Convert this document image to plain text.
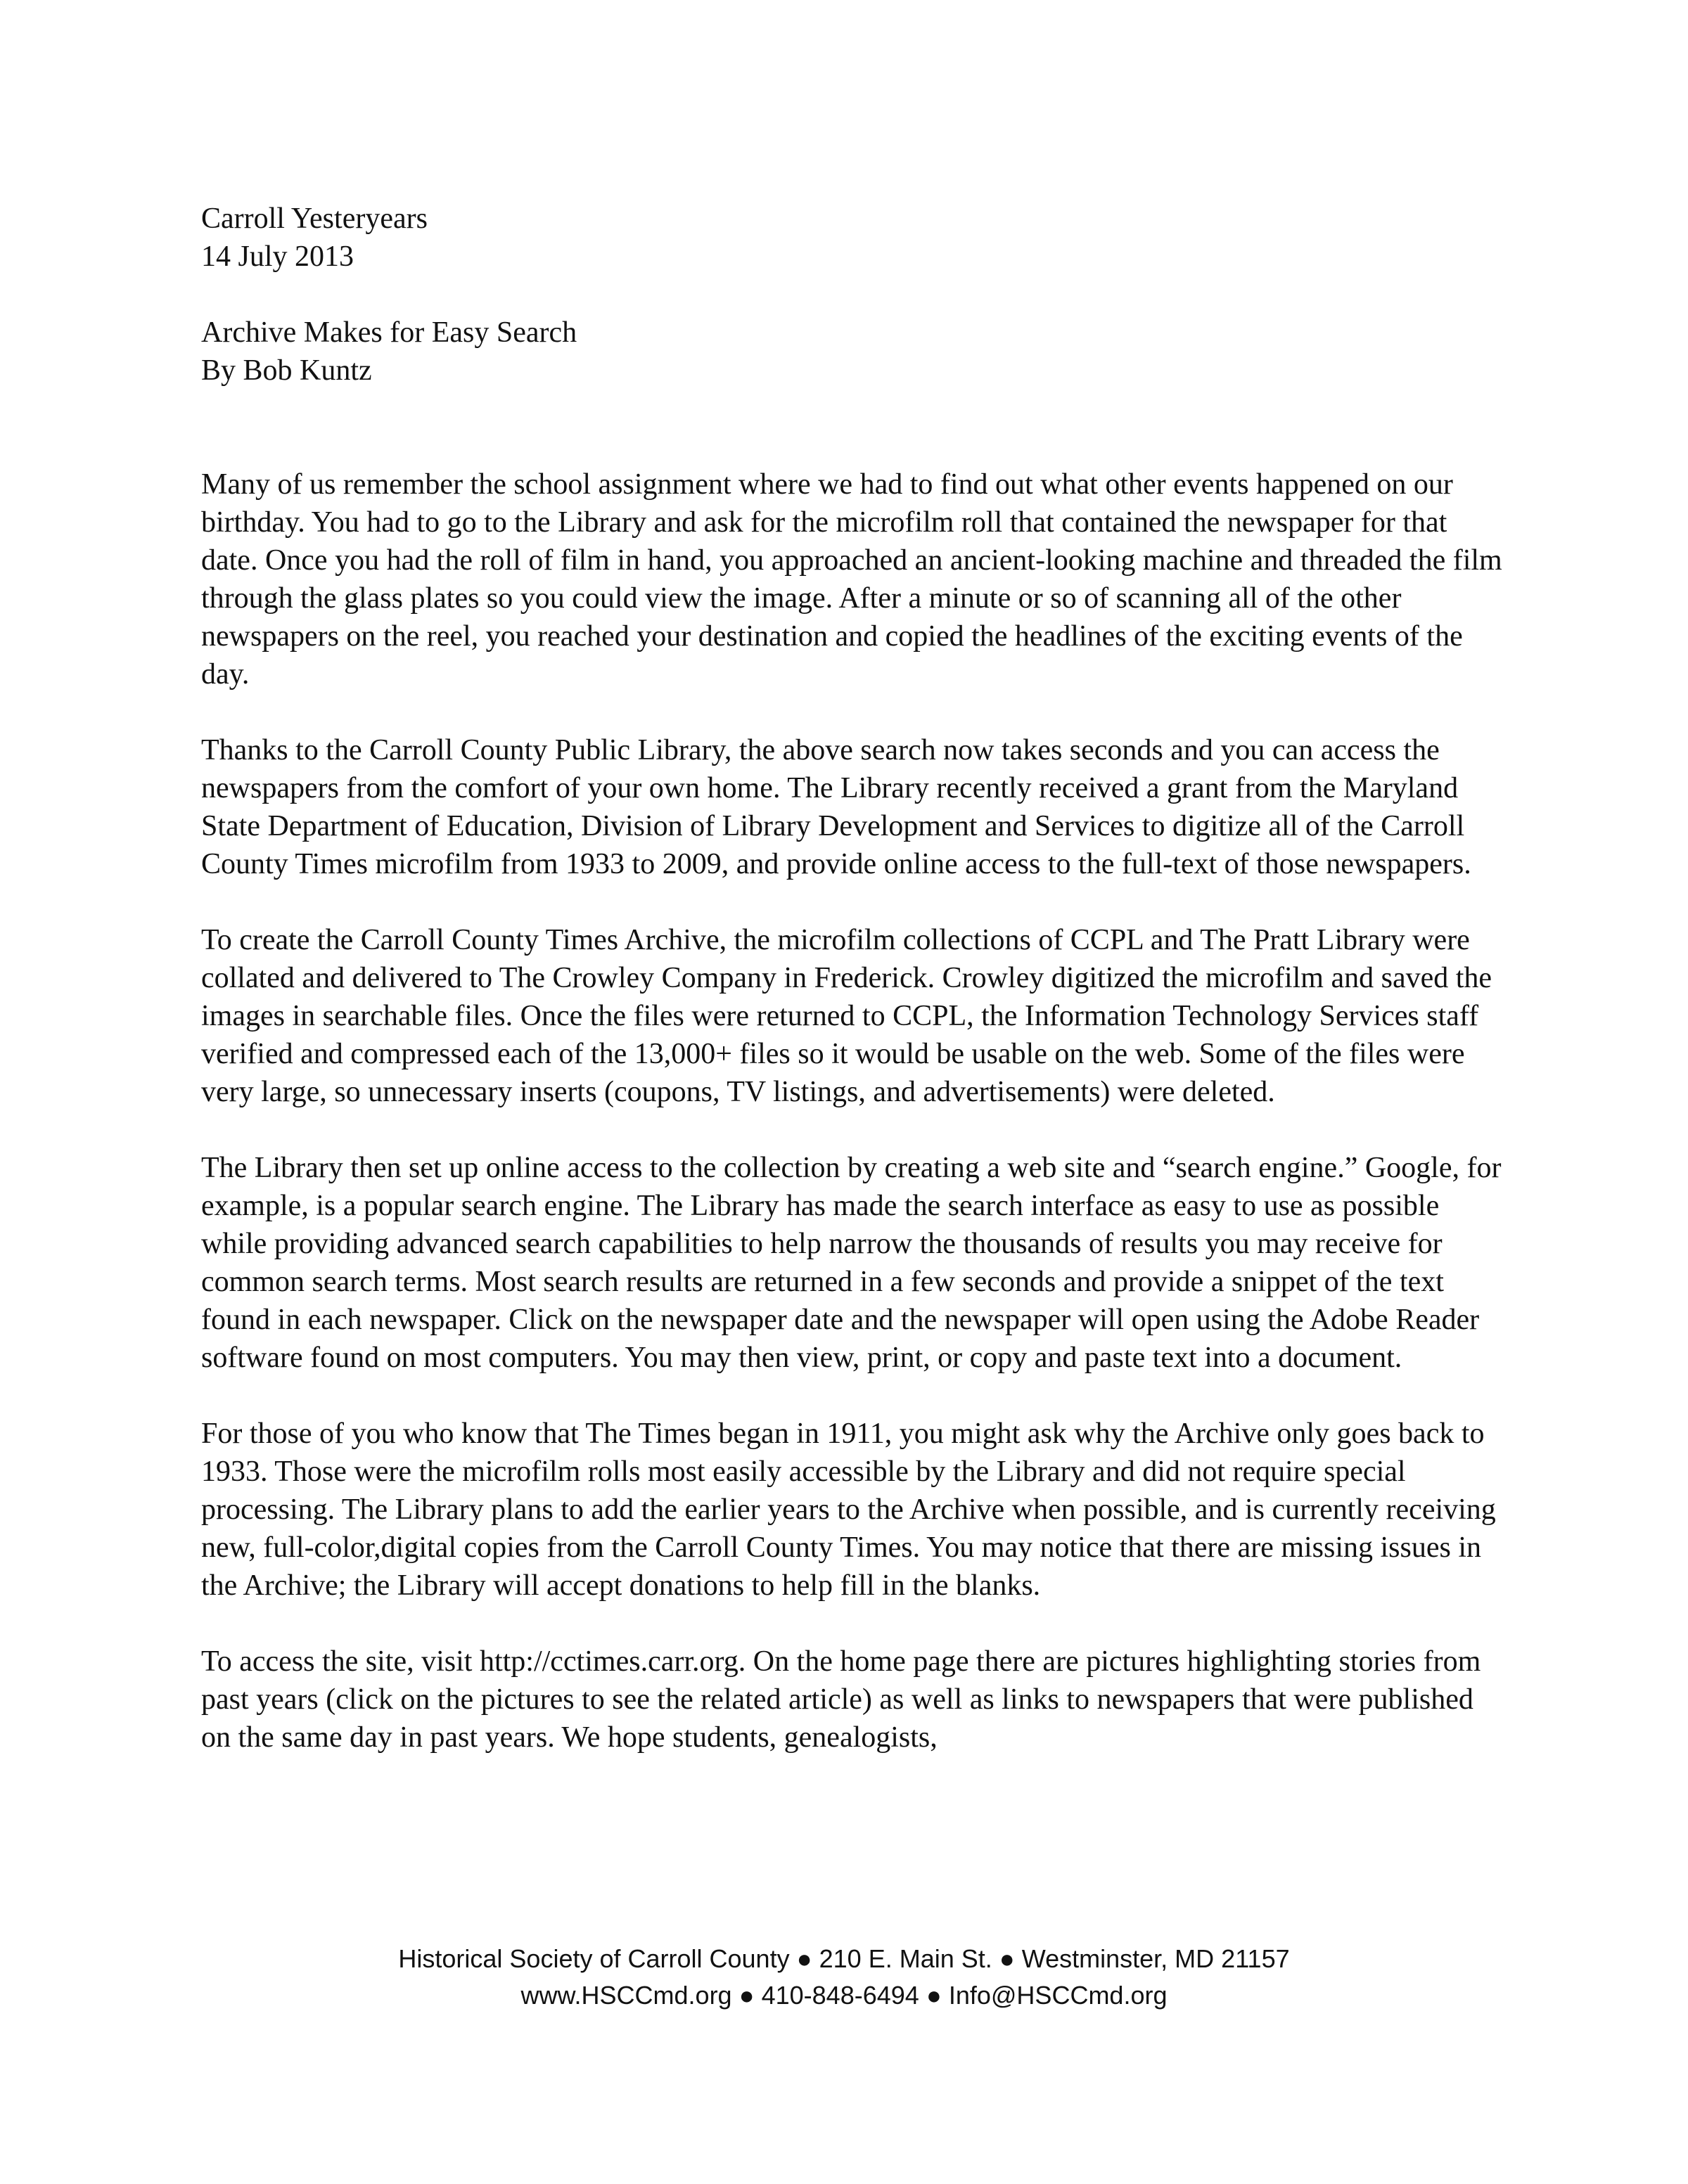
Carroll Yesteryears

14 July 2013

Archive Makes for Easy Search

By Bob Kuntz

Many of us remember the school assignment where we had to find out what other events happened on our birthday. You had to go to the Library and ask for the microfilm roll that contained the newspaper for that date. Once you had the roll of film in hand, you approached an ancient-looking machine and threaded the film through the glass plates so you could view the image. After a minute or so of scanning all of the other newspapers on the reel, you reached your destination and copied the headlines of the exciting events of the day.

Thanks to the Carroll County Public Library, the above search now takes seconds and you can access the newspapers from the comfort of your own home. The Library recently received a grant from the Maryland State Department of Education, Division of Library Development and Services to digitize all of the Carroll County Times microfilm from 1933 to 2009, and provide online access to the full-text of those newspapers.

To create the Carroll County Times Archive, the microfilm collections of CCPL and The Pratt Library were collated and delivered to The Crowley Company in Frederick. Crowley digitized the microfilm and saved the images in searchable files. Once the files were returned to CCPL, the Information Technology Services staff verified and compressed each of the 13,000+ files so it would be usable on the web. Some of the files were very large, so unnecessary inserts (coupons, TV listings, and advertisements) were deleted.

The Library then set up online access to the collection by creating a web site and “search engine.” Google, for example, is a popular search engine. The Library has made the search interface as easy to use as possible while providing advanced search capabilities to help narrow the thousands of results you may receive for common search terms. Most search results are returned in a few seconds and provide a snippet of the text found in each newspaper. Click on the newspaper date and the newspaper will open using the Adobe Reader software found on most computers. You may then view, print, or copy and paste text into a document.

For those of you who know that The Times began in 1911, you might ask why the Archive only goes back to 1933. Those were the microfilm rolls most easily accessible by the Library and did not require special processing. The Library plans to add the earlier years to the Archive when possible, and is currently receiving new, full-color,digital copies from the Carroll County Times. You may notice that there are missing issues in the Archive; the Library will accept donations to help fill in the blanks.

To access the site, visit http://cctimes.carr.org. On the home page there are pictures highlighting stories from past years (click on the pictures to see the related article) as well as links to newspapers that were published on the same day in past years. We hope students, genealogists,

Historical Society of Carroll County ● 210 E. Main St. ● Westminster, MD 21157

www.HSCCmd.org ● 410-848-6494 ● Info@HSCCmd.org
